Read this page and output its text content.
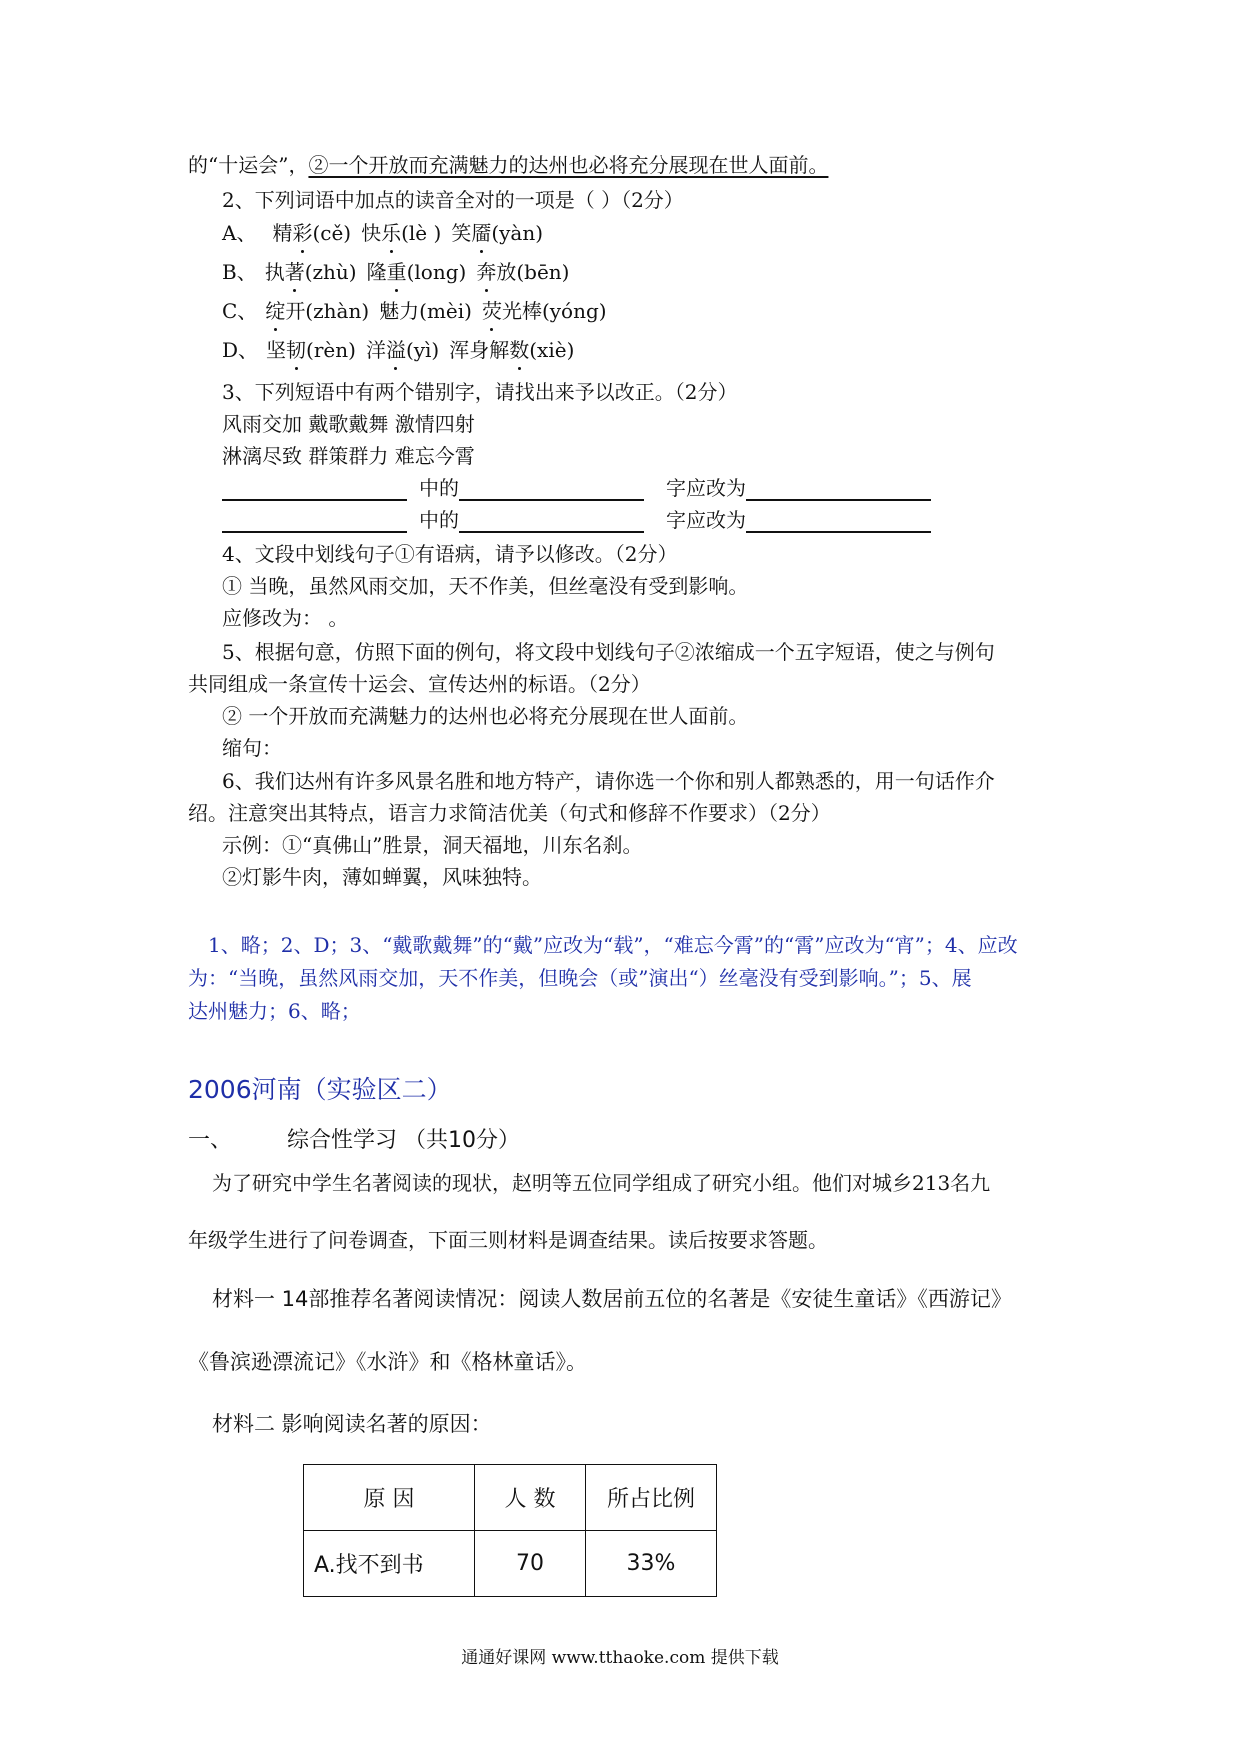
的“十运会”，②一个开放而充满魅力的达州也必将充分展现在世人面前。
2、下列词语中加点的读音全对的一项是（ ）（2分）
A、 精彩(cě) 快乐(lè ) 笑靥(yàn)
B、 执著(zhù) 隆重(long) 奔放(bēn)
C、 绽开(zhàn) 魅力(mèi) 荧光棒(yóng)
D、 坚韧(rèn) 洋溢(yì) 浑身解数(xiè)
3、下列短语中有两个错别字，请找出来予以改正。（2分）
风雨交加 戴歌戴舞 激情四射
淋漓尽致 群策群力 难忘今霄
中的	字应改为
中的	字应改为
4、文段中划线句子①有语病，请予以修改。（2分）
① 当晚，虽然风雨交加，天不作美，但丝毫没有受到影响。
应修改为： 。
5、根据句意，仿照下面的例句，将文段中划线句子②浓缩成一个五字短语，使之与例句
共同组成一条宣传十运会、宣传达州的标语。（2分）
② 一个开放而充满魅力的达州也必将充分展现在世人面前。
缩句：
6、我们达州有许多风景名胜和地方特产，请你选一个你和别人都熟悉的，用一句话作介
绍。注意突出其特点，语言力求简洁优美（句式和修辞不作要求）（2分）
示例：①“真佛山”胜景，洞天福地，川东名刹。
②灯影牛肉，薄如蝉翼，风味独特。
1、略；2、D；3、“戴歌戴舞”的“戴”应改为“载”，“难忘今霄”的“霄”应改为“宵”；4、应改
为：“当晚，虽然风雨交加，天不作美，但晚会（或”演出“）丝毫没有受到影响。”；5、展
达州魅力；6、略；
2006河南（实验区二）
一、	综合性学习 （共10分）
为了研究中学生名著阅读的现状，赵明等五位同学组成了研究小组。他们对城乡213名九
年级学生进行了问卷调查，下面三则材料是调查结果。读后按要求答题。
材料一 14部推荐名著阅读情况：阅读人数居前五位的名著是《安徒生童话》《西游记》
《鲁滨逊漂流记》《水浒》和《格林童话》。
材料二 影响阅读名著的原因：
原 因	人 数	所占比例
A.找不到书	70	33%
通通好课网 www.tthaoke.com 提供下载
